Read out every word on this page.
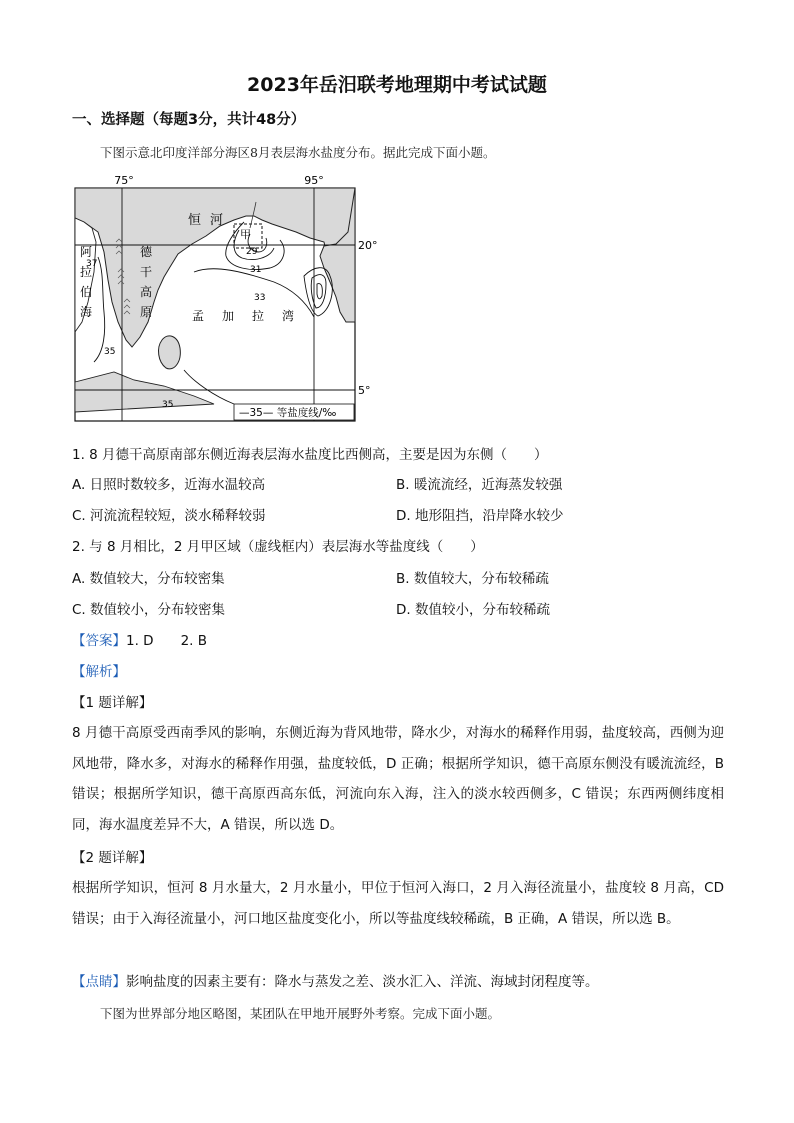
2023年岳汨联考地理期中考试试题
一、选择题（每题3分，共计48分）
下图示意北印度洋部分海区8月表层海水盐度分布。据此完成下面小题。
75°	95°
20°
5°
恒 河
阿
拉
伯
海
德
干
高
原	孟 加 拉 湾
甲
37
35
29
31
33
35
—35— 等盐度线/‰
1. 8 月德干高原南部东侧近海表层海水盐度比西侧高，主要是因为东侧（　　）
A. 日照时数较多，近海水温较高	B. 暖流流经，近海蒸发较强
C. 河流流程较短，淡水稀释较弱	D. 地形阻挡，沿岸降水较少
2. 与 8 月相比，2 月甲区域（虚线框内）表层海水等盐度线（　　）
A. 数值较大，分布较密集	B. 数值较大，分布较稀疏
C. 数值较小，分布较密集	D. 数值较小，分布较稀疏
【答案】1. D　　2. B
【解析】
【1 题详解】
8 月德干高原受西南季风的影响，东侧近海为背风地带，降水少，对海水的稀释作用弱，盐度较高，西侧为迎风地带，降水多，对海水的稀释作用强，盐度较低，D 正确；根据所学知识，德干高原东侧没有暖流流经，B 错误；根据所学知识，德干高原西高东低，河流向东入海，注入的淡水较西侧多，C 错误；东西两侧纬度相同，海水温度差异不大，A 错误，所以选 D。
【2 题详解】
根据所学知识，恒河 8 月水量大，2 月水量小，甲位于恒河入海口，2 月入海径流量小，盐度较 8 月高，CD 错误；由于入海径流量小，河口地区盐度变化小，所以等盐度线较稀疏，B 正确，A 错误，所以选 B。
【点睛】影响盐度的因素主要有：降水与蒸发之差、淡水汇入、洋流、海域封闭程度等。
下图为世界部分地区略图，某团队在甲地开展野外考察。完成下面小题。
